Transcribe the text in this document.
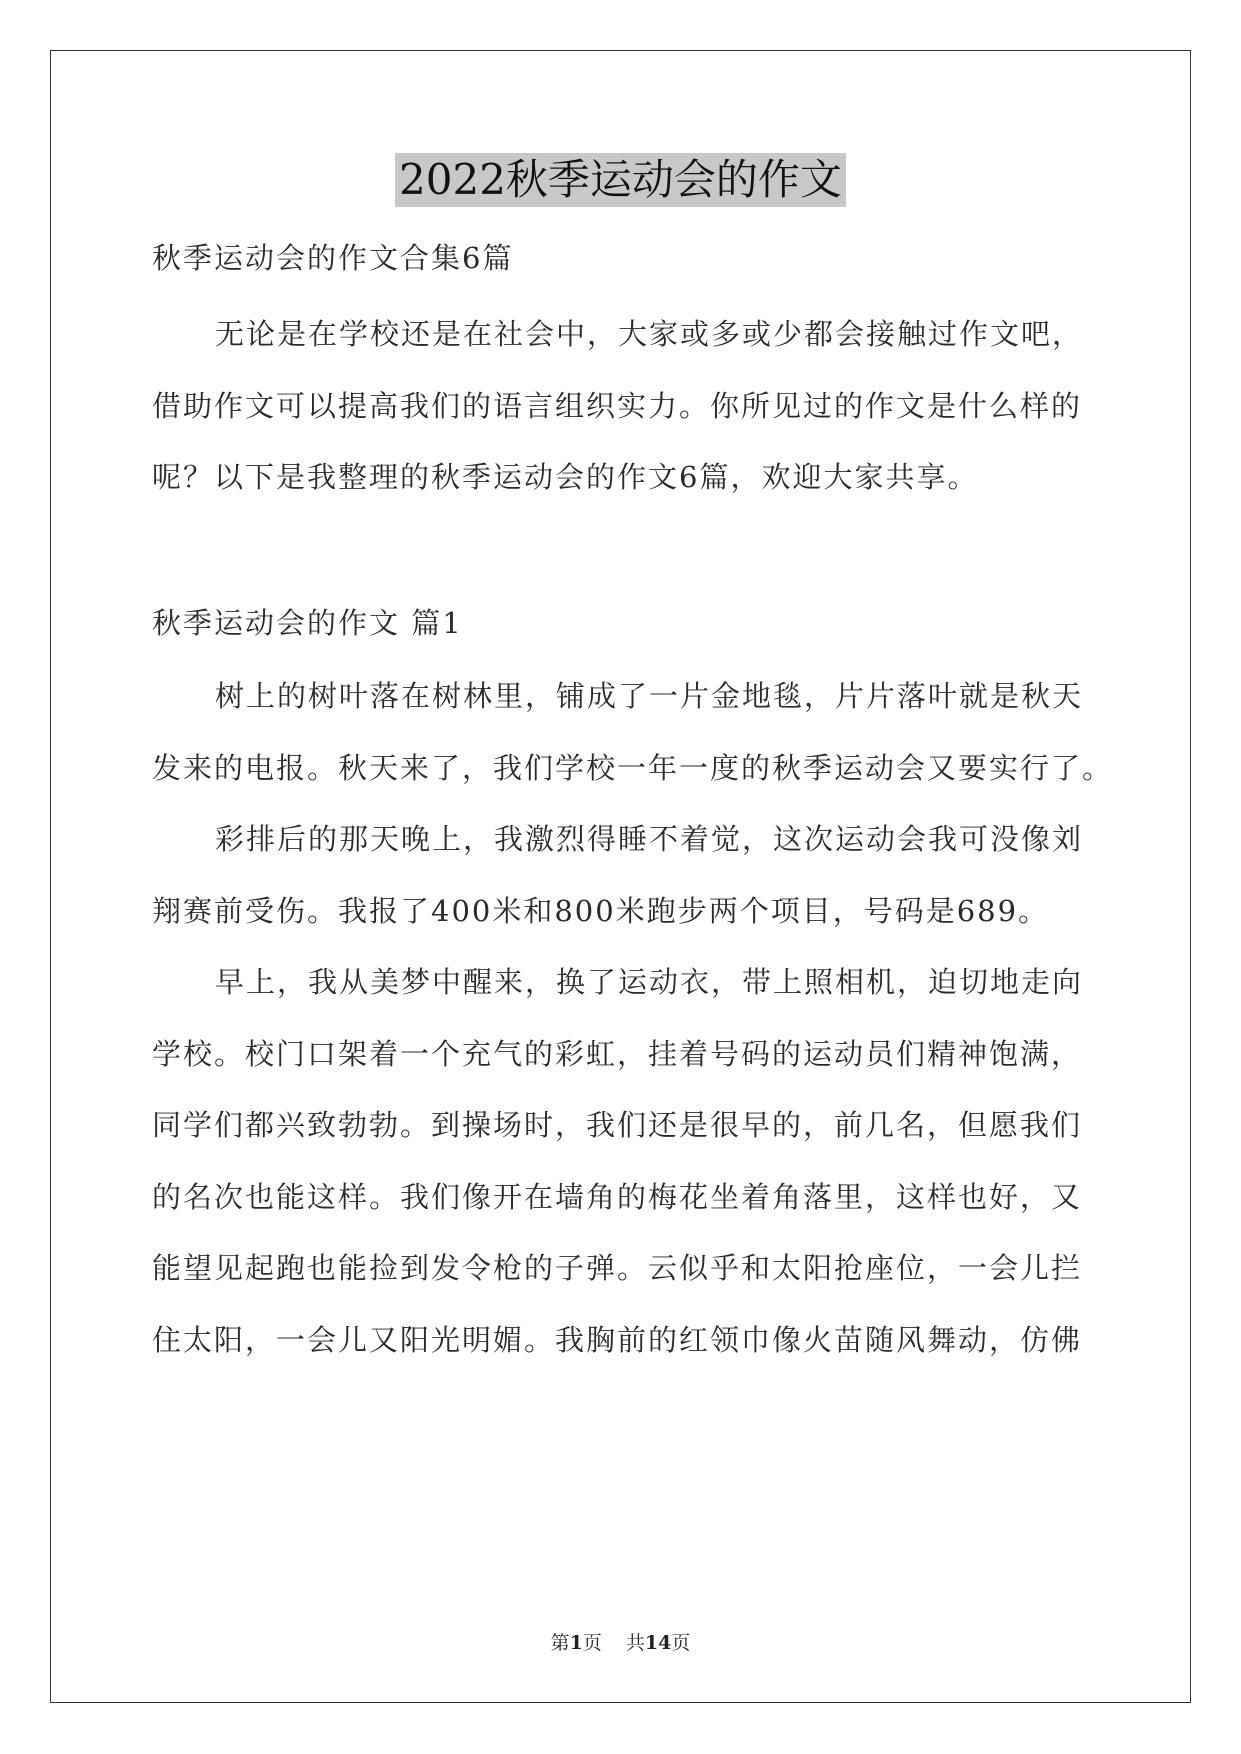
2022秋季运动会的作文
秋季运动会的作文合集6篇
无论是在学校还是在社会中，大家或多或少都会接触过作文吧，
借助作文可以提高我们的语言组织实力。你所见过的作文是什么样的
呢？以下是我整理的秋季运动会的作文6篇，欢迎大家共享。
秋季运动会的作文 篇1
树上的树叶落在树林里，铺成了一片金地毯，片片落叶就是秋天
发来的电报。秋天来了，我们学校一年一度的秋季运动会又要实行了。
彩排后的那天晚上，我激烈得睡不着觉，这次运动会我可没像刘
翔赛前受伤。我报了400米和800米跑步两个项目，号码是689。
早上，我从美梦中醒来，换了运动衣，带上照相机，迫切地走向
学校。校门口架着一个充气的彩虹，挂着号码的运动员们精神饱满，
同学们都兴致勃勃。到操场时，我们还是很早的，前几名，但愿我们
的名次也能这样。我们像开在墙角的梅花坐着角落里，这样也好，又
能望见起跑也能捡到发令枪的子弹。云似乎和太阳抢座位，一会儿拦
住太阳，一会儿又阳光明媚。我胸前的红领巾像火苗随风舞动，仿佛
第1页 共14页
